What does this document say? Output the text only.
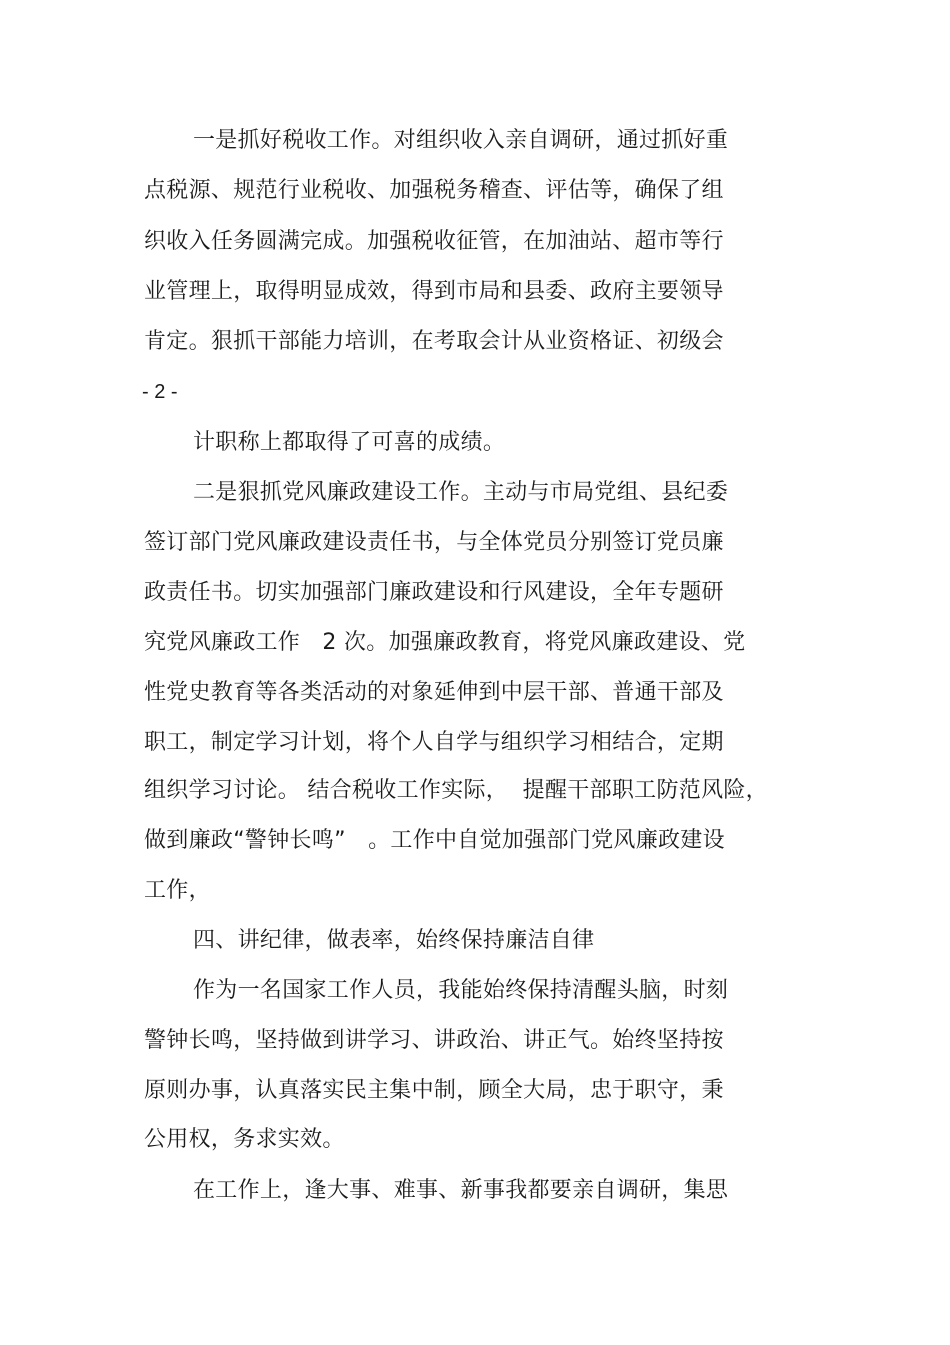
一是抓好税收工作。对组织收入亲自调研，通过抓好重
点税源、规范行业税收、加强税务稽查、评估等，确保了组
织收入任务圆满完成。加强税收征管，在加油站、超市等行
业管理上，取得明显成效，得到市局和县委、政府主要领导
肯定。狠抓干部能力培训，在考取会计从业资格证、初级会
- 2 -
计职称上都取得了可喜的成绩。
二是狠抓党风廉政建设工作。主动与市局党组、县纪委
签订部门党风廉政建设责任书，与全体党员分别签订党员廉
政责任书。切实加强部门廉政建设和行风建设，全年专题研
究党风廉政工作　2 次。加强廉政教育，将党风廉政建设、党
性党史教育等各类活动的对象延伸到中层干部、普通干部及
职工，制定学习计划，将个人自学与组织学习相结合，定期
组织学习讨论。 结合税收工作实际，  提醒干部职工防范风险，
做到廉政“警钟长鸣”　。工作中自觉加强部门党风廉政建设
工作，
四、讲纪律，做表率，始终保持廉洁自律
作为一名国家工作人员，我能始终保持清醒头脑，时刻
警钟长鸣，坚持做到讲学习、讲政治、讲正气。始终坚持按
原则办事，认真落实民主集中制，顾全大局，忠于职守，秉
公用权，务求实效。
在工作上，逢大事、难事、新事我都要亲自调研，集思
